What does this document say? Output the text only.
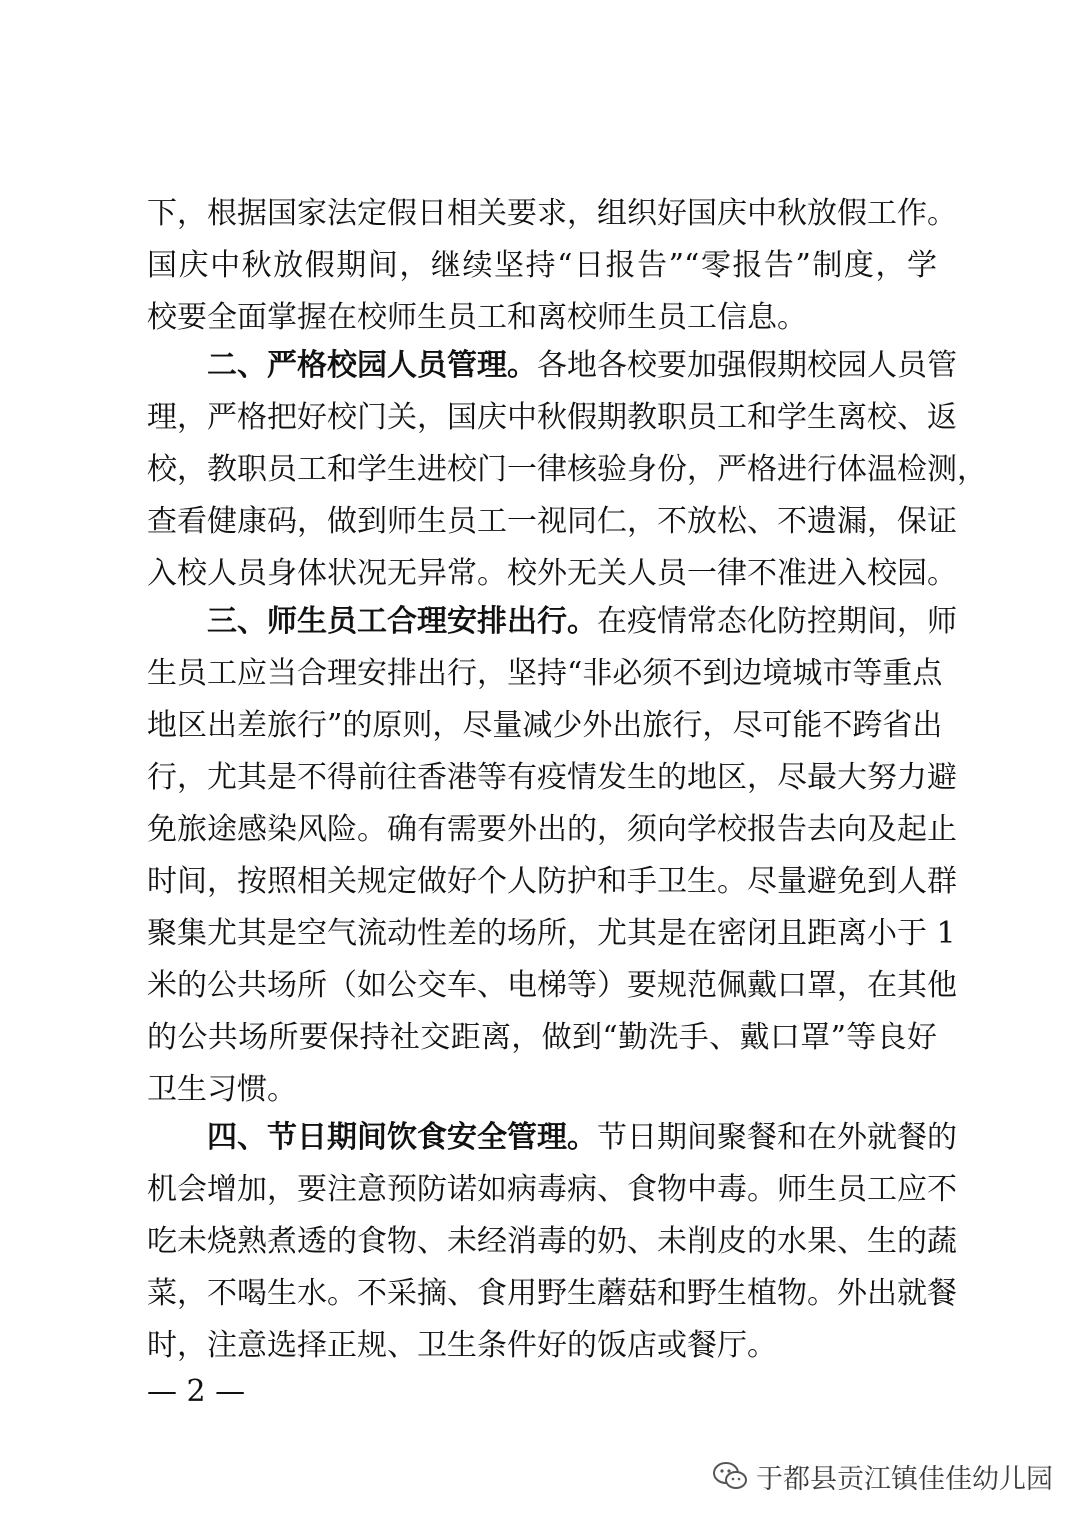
下，根据国家法定假日相关要求，组织好国庆中秋放假工作。
国庆中秋放假期间，继续坚持“日报告”“零报告”制度，学
校要全面掌握在校师生员工和离校师生员工信息。
二、严格校园人员管理。各地各校要加强假期校园人员管
理，严格把好校门关，国庆中秋假期教职员工和学生离校、返
校，教职员工和学生进校门一律核验身份，严格进行体温检测，
查看健康码，做到师生员工一视同仁，不放松、不遗漏，保证
入校人员身体状况无异常。校外无关人员一律不准进入校园。
三、师生员工合理安排出行。在疫情常态化防控期间，师
生员工应当合理安排出行，坚持“非必须不到边境城市等重点
地区出差旅行”的原则，尽量减少外出旅行，尽可能不跨省出
行，尤其是不得前往香港等有疫情发生的地区，尽最大努力避
免旅途感染风险。确有需要外出的，须向学校报告去向及起止
时间，按照相关规定做好个人防护和手卫生。尽量避免到人群
聚集尤其是空气流动性差的场所，尤其是在密闭且距离小于 1
米的公共场所（如公交车、电梯等）要规范佩戴口罩，在其他
的公共场所要保持社交距离，做到“勤洗手、戴口罩”等良好
卫生习惯。
四、节日期间饮食安全管理。节日期间聚餐和在外就餐的
机会增加，要注意预防诺如病毒病、食物中毒。师生员工应不
吃未烧熟煮透的食物、未经消毒的奶、未削皮的水果、生的蔬
菜，不喝生水。不采摘、食用野生蘑菇和野生植物。外出就餐
时，注意选择正规、卫生条件好的饭店或餐厅。
— 2 —
于都县贡江镇佳佳幼儿园
